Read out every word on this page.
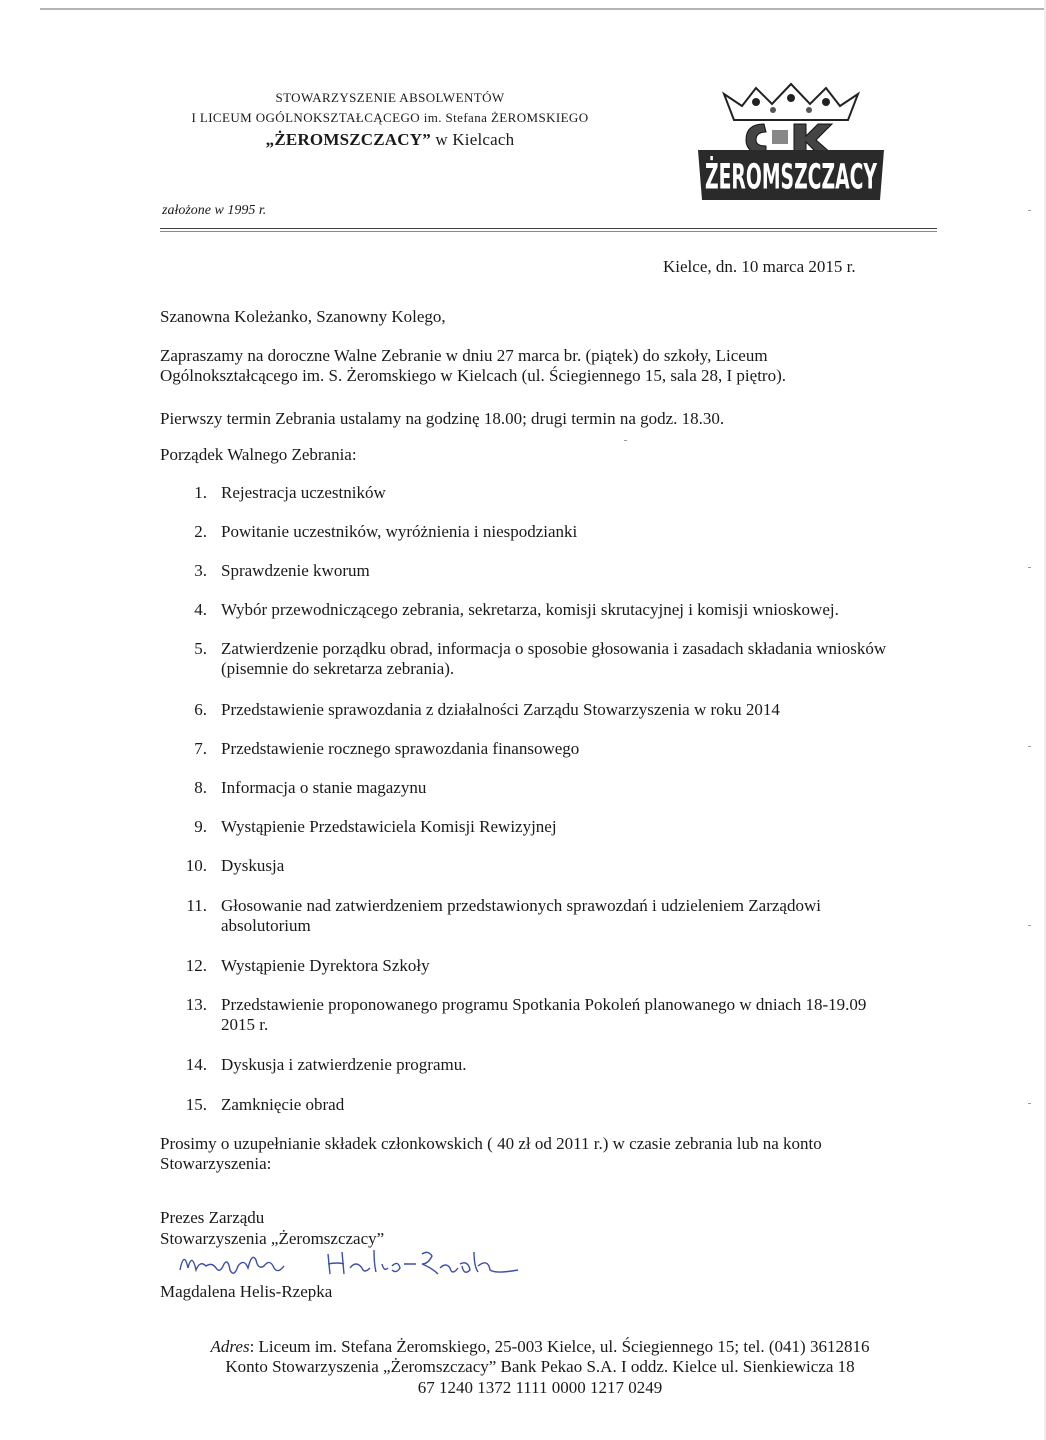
STOWARZYSZENIE ABSOLWENTÓW
I LICEUM OGÓLNOKSZTAŁCĄCEGO im. Stefana ŻEROMSKIEGO
„ŻEROMSZCZACY” w Kielcach
założone w 1995 r.
ŻEROMSZCZACY
Kielce, dn. 10 marca 2015 r.
Szanowna Koleżanko, Szanowny Kolego,
Zapraszamy na doroczne Walne Zebranie w dniu 27 marca br. (piątek) do szkoły, Liceum Ogólnokształcącego im. S. Żeromskiego w Kielcach (ul. Ściegiennego 15, sala 28, I piętro).
Pierwszy termin Zebrania ustalamy na godzinę 18.00; drugi termin na godz. 18.30.
Porządek Walnego Zebrania:
1. Rejestracja uczestników
2. Powitanie uczestników, wyróżnienia i niespodzianki
3. Sprawdzenie kworum
4. Wybór przewodniczącego zebrania, sekretarza, komisji skrutacyjnej i komisji wnioskowej.
5. Zatwierdzenie porządku obrad, informacja o sposobie głosowania i zasadach składania wniosków (pisemnie do sekretarza zebrania).
6. Przedstawienie sprawozdania z działalności Zarządu Stowarzyszenia w roku 2014
7. Przedstawienie rocznego sprawozdania finansowego
8. Informacja o stanie magazynu
9. Wystąpienie Przedstawiciela Komisji Rewizyjnej
10. Dyskusja
11. Głosowanie nad zatwierdzeniem przedstawionych sprawozdań i udzieleniem Zarządowi absolutorium
12. Wystąpienie Dyrektora Szkoły
13. Przedstawienie proponowanego programu Spotkania Pokoleń planowanego w dniach 18-19.09 2015 r.
14. Dyskusja i zatwierdzenie programu.
15. Zamknięcie obrad
Prosimy o uzupełnianie składek członkowskich ( 40 zł od 2011 r.) w czasie zebrania lub na konto Stowarzyszenia:
Prezes Zarządu
Stowarzyszenia „Żeromszczacy”
Magdalena Helis-Rzepka
Adres: Liceum im. Stefana Żeromskiego, 25-003 Kielce, ul. Ściegiennego 15; tel. (041) 3612816
Konto Stowarzyszenia „Żeromszczacy” Bank Pekao S.A. I oddz. Kielce ul. Sienkiewicza 18
67 1240 1372 1111 0000 1217 0249
